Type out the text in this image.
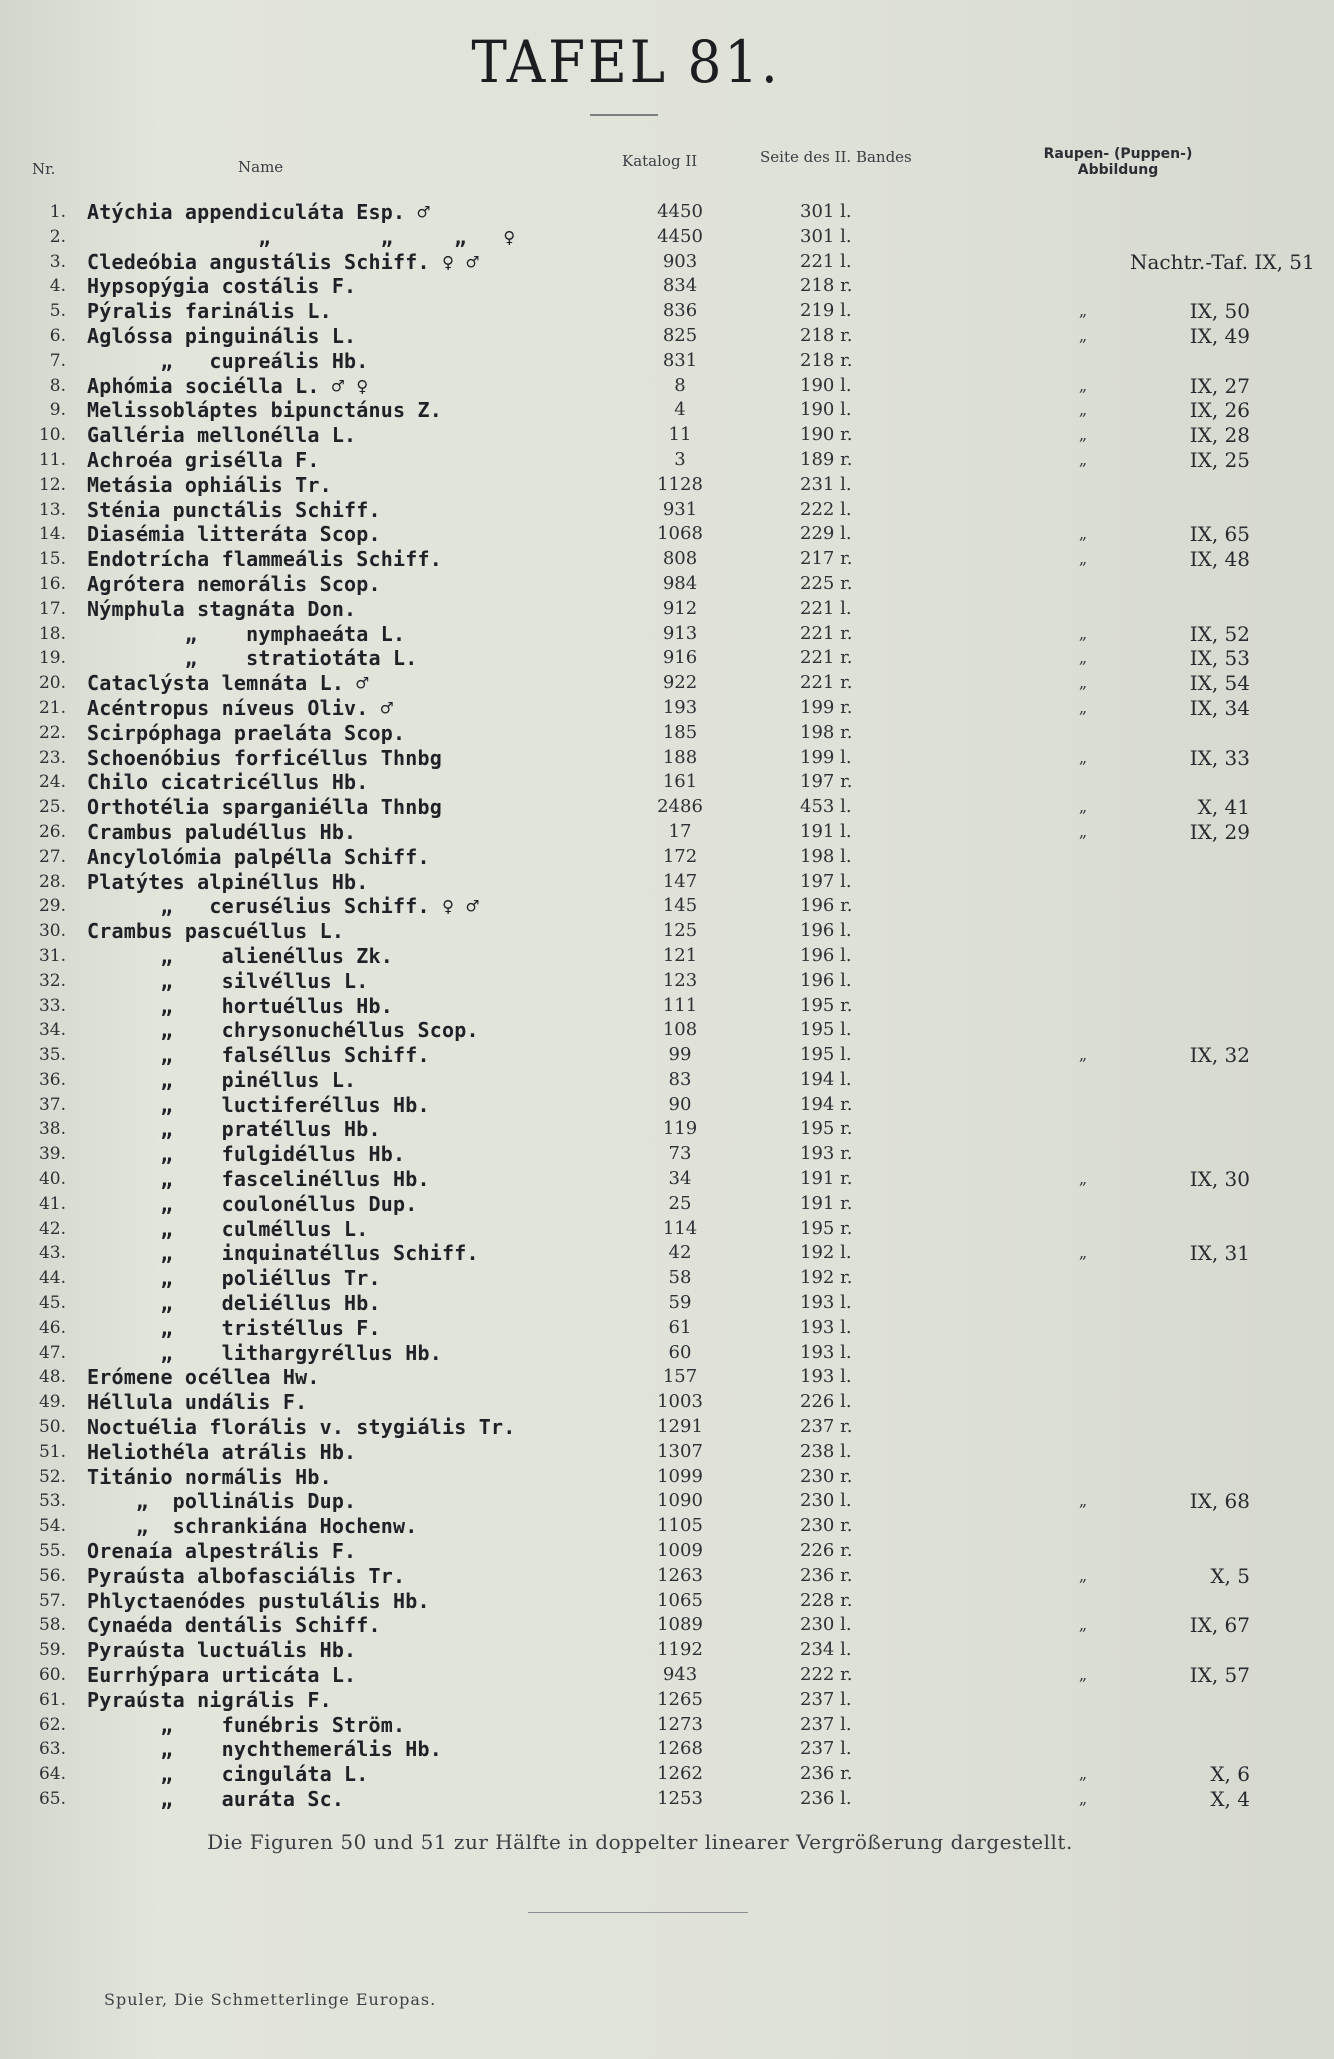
TAFEL 81.
Nr.	Name	Katalog II	Seite des II. Bandes	Raupen- (Puppen-)
Abbildung
1. Atýchia appendiculáta Esp. ♂	4450	301 l.
2. „         „     „   ♀	4450	301 l.
3. Cledeóbia angustális Schiff. ♀ ♂	903	221 l.	Nachtr.-Taf. IX, 51
4. Hypsopýgia costális F.	834	218 r.
5. Pýralis farinális L.	836	219 l.	„	IX, 50
6. Aglóssa pinguinális L.	825	218 r.	„	IX, 49
7. „   cupreális Hb.	831	218 r.
8. Aphómia sociélla L. ♂ ♀	8	190 l.	„	IX, 27
9. Melissobláptes bipunctánus Z.	4	190 l.	„	IX, 26
10. Galléria mellonélla L.	11	190 r.	„	IX, 28
11. Achroéa grisélla F.	3	189 r.	„	IX, 25
12. Metásia ophiális Tr.	1128	231 l.
13. Sténia punctális Schiff.	931	222 l.
14. Diasémia litteráta Scop.	1068	229 l.	„	IX, 65
15. Endotrícha flammeális Schiff.	808	217 r.	„	IX, 48
16. Agrótera nemorális Scop.	984	225 r.
17. Nýmphula stagnáta Don.	912	221 l.
18. „    nymphaeáta L.	913	221 r.	„	IX, 52
19. „    stratiotáta L.	916	221 r.	„	IX, 53
20. Cataclýsta lemnáta L. ♂	922	221 r.	„	IX, 54
21. Acéntropus níveus Oliv. ♂	193	199 r.	„	IX, 34
22. Scirpóphaga praeláta Scop.	185	198 r.
23. Schoenóbius forficéllus Thnbg	188	199 l.	„	IX, 33
24. Chilo cicatricéllus Hb.	161	197 r.
25. Orthotélia sparganiélla Thnbg	2486	453 l.	„	X, 41
26. Crambus paludéllus Hb.	17	191 l.	„	IX, 29
27. Ancylolómia palpélla Schiff.	172	198 l.
28. Platýtes alpinéllus Hb.	147	197 l.
29. „   cerusélius Schiff. ♀ ♂	145	196 r.
30. Crambus pascuéllus L.	125	196 l.
31. „    alienéllus Zk.	121	196 l.
32. „    silvéllus L.	123	196 l.
33. „    hortuéllus Hb.	111	195 r.
34. „    chrysonuchéllus Scop.	108	195 l.
35. „    falséllus Schiff.	99	195 l.	„	IX, 32
36. „    pinéllus L.	83	194 l.
37. „    luctiferéllus Hb.	90	194 r.
38. „    pratéllus Hb.	119	195 r.
39. „    fulgidéllus Hb.	73	193 r.
40. „    fascelinéllus Hb.	34	191 r.	„	IX, 30
41. „    coulonéllus Dup.	25	191 r.
42. „    culméllus L.	114	195 r.
43. „    inquinatéllus Schiff.	42	192 l.	„	IX, 31
44. „    poliéllus Tr.	58	192 r.
45. „    deliéllus Hb.	59	193 l.
46. „    tristéllus F.	61	193 l.
47. „    lithargyréllus Hb.	60	193 l.
48. Erómene océllea Hw.	157	193 l.
49. Héllula undális F.	1003	226 l.
50. Noctuélia florális v. stygiális Tr.	1291	237 r.
51. Heliothéla atrális Hb.	1307	238 l.
52. Titánio normális Hb.	1099	230 r.
53. „  pollinális Dup.	1090	230 l.	„	IX, 68
54. „  schrankiána Hochenw.	1105	230 r.
55. Orenaía alpestrális F.	1009	226 r.
56. Pyraústa albofasciális Tr.	1263	236 r.	„	X, 5
57. Phlyctaenódes pustulális Hb.	1065	228 r.
58. Cynaéda dentális Schiff.	1089	230 l.	„	IX, 67
59. Pyraústa luctuális Hb.	1192	234 l.
60. Eurrhýpara urticáta L.	943	222 r.	„	IX, 57
61. Pyraústa nigrális F.	1265	237 l.
62. „    funébris Ström.	1273	237 l.
63. „    nychthemerális Hb.	1268	237 l.
64. „    cinguláta L.	1262	236 r.	„	X, 6
65. „    auráta Sc.	1253	236 l.	„	X, 4
Die Figuren 50 und 51 zur Hälfte in doppelter linearer Vergrößerung dargestellt.
Spuler, Die Schmetterlinge Europas.
